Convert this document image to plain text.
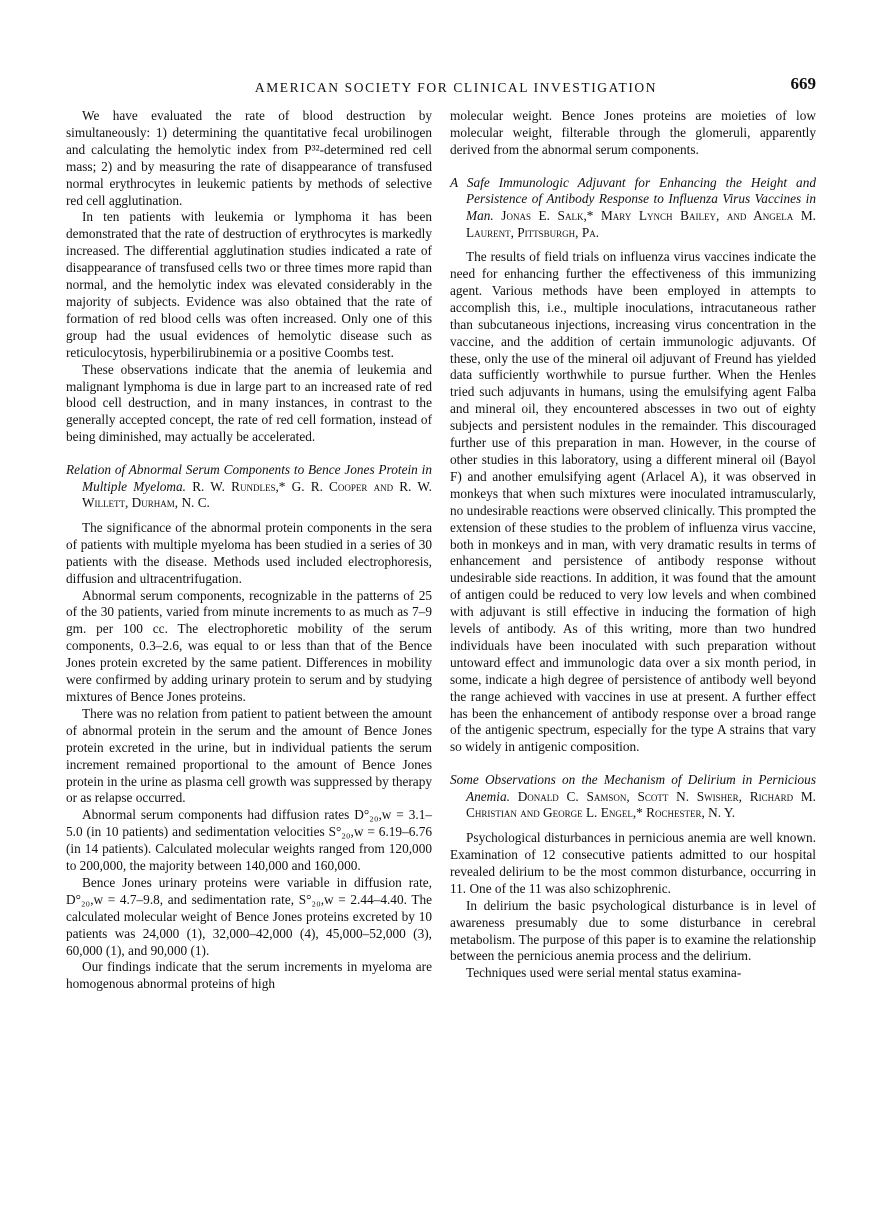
AMERICAN SOCIETY FOR CLINICAL INVESTIGATION	669

We have evaluated the rate of blood destruction by simultaneously: 1) determining the quantitative fecal urobilinogen and calculating the hemolytic index from P³²-determined red cell mass; 2) and by measuring the rate of disappearance of transfused normal erythrocytes in leukemic patients by methods of selective red cell agglutination.

In ten patients with leukemia or lymphoma it has been demonstrated that the rate of destruction of erythrocytes is markedly increased. The differential agglutination studies indicated a rate of disappearance of transfused cells two or three times more rapid than normal, and the hemolytic index was elevated considerably in the majority of subjects. Evidence was also obtained that the rate of formation of red blood cells was often increased. Only one of this group had the usual evidences of hemolytic disease such as reticulocytosis, hyperbilirubinemia or a positive Coombs test.

These observations indicate that the anemia of leukemia and malignant lymphoma is due in large part to an increased rate of red blood cell destruction, and in many instances, in contrast to the generally accepted concept, the rate of red cell formation, instead of being diminished, may actually be accelerated.

Relation of Abnormal Serum Components to Bence Jones Protein in Multiple Myeloma. R. W. Rundles,* G. R. Cooper and R. W. Willett, Durham, N. C.

The significance of the abnormal protein components in the sera of patients with multiple myeloma has been studied in a series of 30 patients with the disease. Methods used included electrophoresis, diffusion and ultracentrifugation.

Abnormal serum components, recognizable in the patterns of 25 of the 30 patients, varied from minute increments to as much as 7–9 gm. per 100 cc. The electrophoretic mobility of the serum components, 0.3–2.6, was equal to or less than that of the Bence Jones protein excreted by the same patient. Differences in mobility were confirmed by adding urinary protein to serum and by studying mixtures of Bence Jones proteins.

There was no relation from patient to patient between the amount of abnormal protein in the serum and the amount of Bence Jones protein excreted in the urine, but in individual patients the serum increment remained proportional to the amount of Bence Jones protein in the urine as plasma cell growth was suppressed by therapy or as relapse occurred.

Abnormal serum components had diffusion rates D°₂₀,w = 3.1–5.0 (in 10 patients) and sedimentation velocities S°₂₀,w = 6.19–6.76 (in 14 patients). Calculated molecular weights ranged from 120,000 to 200,000, the majority between 140,000 and 160,000.

Bence Jones urinary proteins were variable in diffusion rate, D°₂₀,w = 4.7–9.8, and sedimentation rate, S°₂₀,w = 2.44–4.40. The calculated molecular weight of Bence Jones proteins excreted by 10 patients was 24,000 (1), 32,000–42,000 (4), 45,000–52,000 (3), 60,000 (1), and 90,000 (1).

Our findings indicate that the serum increments in myeloma are homogenous abnormal proteins of high

molecular weight. Bence Jones proteins are moieties of low molecular weight, filterable through the glomeruli, apparently derived from the abnormal serum components.

A Safe Immunologic Adjuvant for Enhancing the Height and Persistence of Antibody Response to Influenza Virus Vaccines in Man. Jonas E. Salk,* Mary Lynch Bailey, and Angela M. Laurent, Pittsburgh, Pa.

The results of field trials on influenza virus vaccines indicate the need for enhancing further the effectiveness of this immunizing agent. Various methods have been employed in attempts to accomplish this, i.e., multiple inoculations, intracutaneous rather than subcutaneous injections, increasing virus concentration in the vaccine, and the addition of certain immunologic adjuvants. Of these, only the use of the mineral oil adjuvant of Freund has yielded data sufficiently worthwhile to pursue further. When the Henles tried such adjuvants in humans, using the emulsifying agent Falba and mineral oil, they encountered abscesses in two out of eighty subjects and persistent nodules in the remainder. This discouraged further use of this preparation in man. However, in the course of other studies in this laboratory, using a different mineral oil (Bayol F) and another emulsifying agent (Arlacel A), it was observed in monkeys that when such mixtures were inoculated intramuscularly, no undesirable reactions were observed clinically. This prompted the extension of these studies to the problem of influenza virus vaccine, both in monkeys and in man, with very dramatic results in terms of enhancement and persistence of antibody response without undesirable side reactions. In addition, it was found that the amount of antigen could be reduced to very low levels and when combined with adjuvant is still effective in inducing the formation of high levels of antibody. As of this writing, more than two hundred individuals have been inoculated with such preparation without untoward effect and immunologic data over a six month period, in some, indicate a high degree of persistence of antibody well beyond the range achieved with vaccines in use at present. A further effect has been the enhancement of antibody response over a broad range of the antigenic spectrum, especially for the type A strains that vary so widely in antigenic composition.

Some Observations on the Mechanism of Delirium in Pernicious Anemia. Donald C. Samson, Scott N. Swisher, Richard M. Christian and George L. Engel,* Rochester, N. Y.

Psychological disturbances in pernicious anemia are well known. Examination of 12 consecutive patients admitted to our hospital revealed delirium to be the most common disturbance, occurring in 11. One of the 11 was also schizophrenic.

In delirium the basic psychological disturbance is in level of awareness presumably due to some disturbance in cerebral metabolism. The purpose of this paper is to examine the relationship between the pernicious anemia process and the delirium.

Techniques used were serial mental status examina-
